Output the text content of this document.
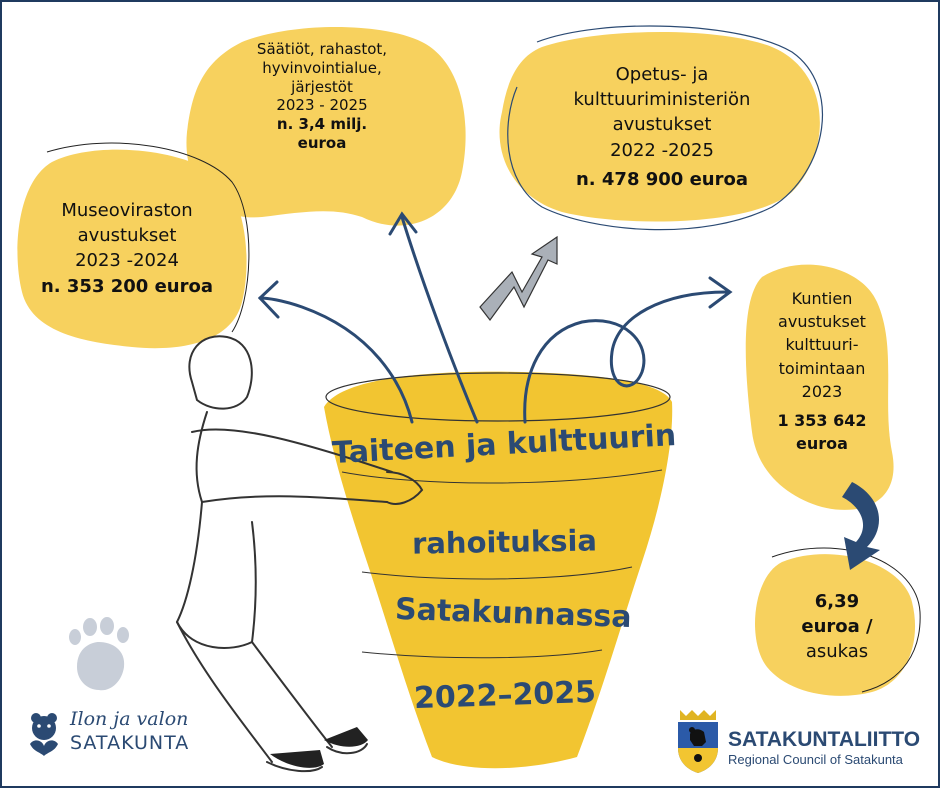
Säätiöt, rahastot,
hyvinvointialue,
järjestöt
2023 - 2025
n. 3,4 milj.
euroa
Opetus- ja
kulttuuriministeriön
avustukset
2022 -2025
n. 478 900 euroa
Museoviraston
avustukset
2023 -2024
n. 353 200 euroa
Kuntien
avustukset
kulttuuri-
toimintaan
2023
1 353 642
euroa
6,39
euroa /
asukas
Taiteen ja kulttuurin
rahoituksia
Satakunnassa
2022–2025
Ilon ja valon
SATAKUNTA	SATAKUNTALIITTO
Regional Council of Satakunta
